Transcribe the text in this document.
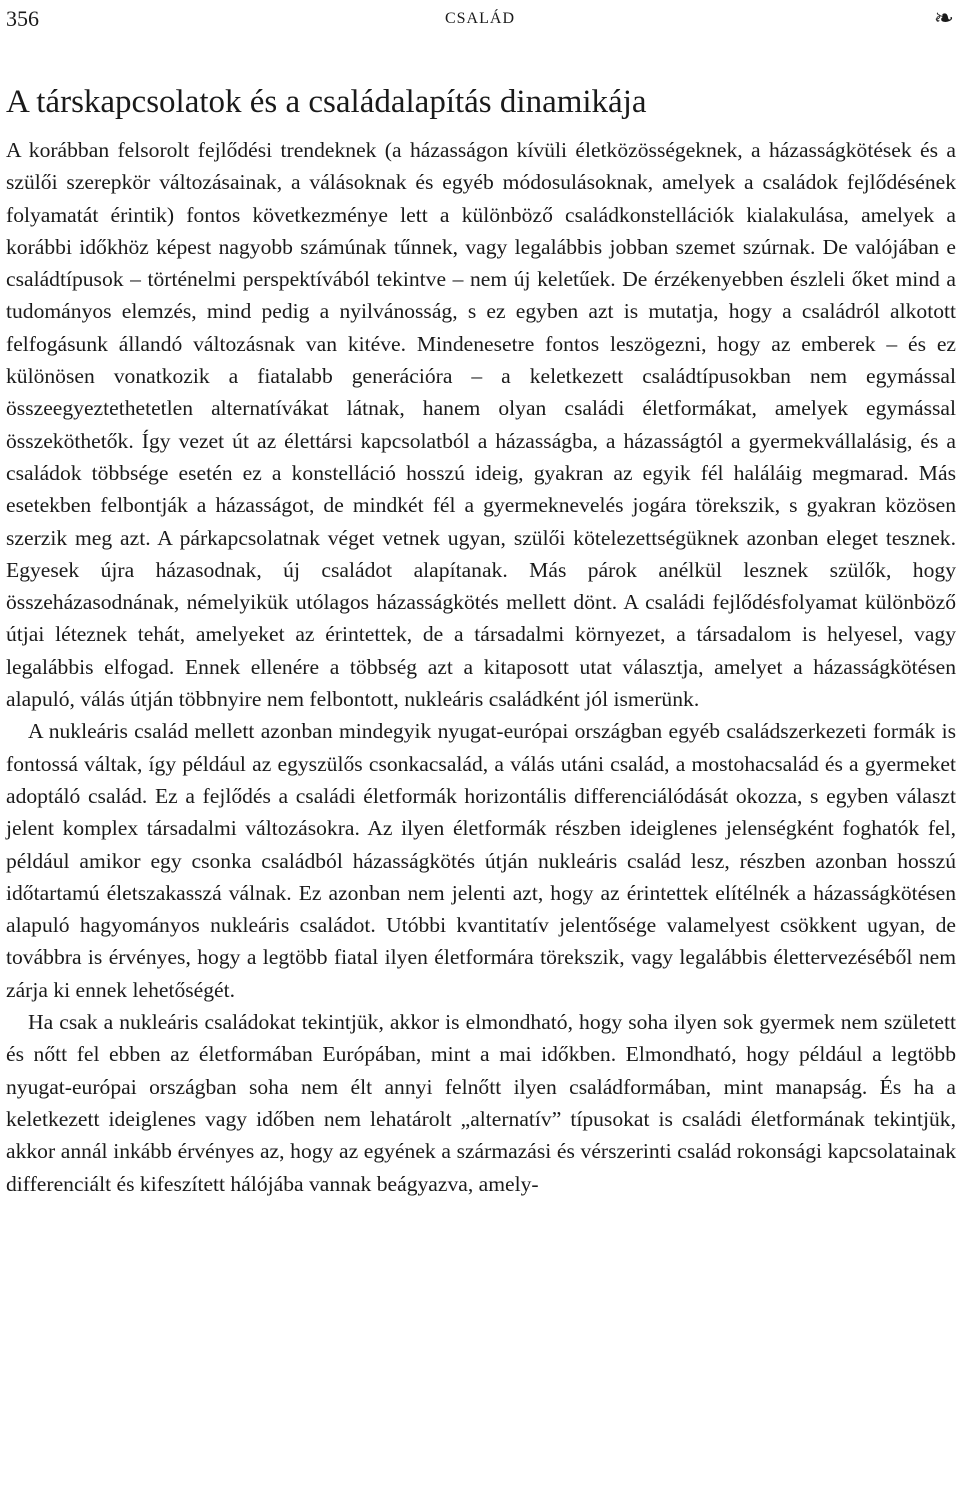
356	CSALÁD	❧
A társkapcsolatok és a családalapítás dinamikája

A korábban felsorolt fejlődési trendeknek (a házasságon kívüli életközösségeknek, a házasságkötések és a szülői szerepkör változásainak, a válásoknak és egyéb módosulásoknak, amelyek a családok fejlődésének folyamatát érintik) fontos következménye lett a különböző családkonstellációk kialakulása, amelyek a korábbi időkhöz képest nagyobb számúnak tűnnek, vagy legalábbis jobban szemet szúrnak. De valójában e családtípusok – történelmi perspektívából tekintve – nem új keletűek. De érzékenyebben észleli őket mind a tudományos elemzés, mind pedig a nyilvánosság, s ez egyben azt is mutatja, hogy a családról alkotott felfogásunk állandó változásnak van kitéve. Mindenesetre fontos leszögezni, hogy az emberek – és ez különösen vonatkozik a fiatalabb generációra – a keletkezett családtípusokban nem egymással összeegyeztethetetlen alternatívákat látnak, hanem olyan családi életformákat, amelyek egymással összeköthetők. Így vezet út az élettársi kapcsolatból a házasságba, a házasságtól a gyermekvállalásig, és a családok többsége esetén ez a konstelláció hosszú ideig, gyakran az egyik fél haláláig megmarad. Más esetekben felbontják a házasságot, de mindkét fél a gyermeknevelés jogára törekszik, s gyakran közösen szerzik meg azt. A párkapcsolatnak véget vetnek ugyan, szülői kötelezettségüknek azonban eleget tesznek. Egyesek újra házasodnak, új családot alapítanak. Más párok anélkül lesznek szülők, hogy összeházasodnának, némelyikük utólagos házasságkötés mellett dönt. A családi fejlődésfolyamat különböző útjai léteznek tehát, amelyeket az érintettek, de a társadalmi környezet, a társadalom is helyesel, vagy legalábbis elfogad. Ennek ellenére a többség azt a kitaposott utat választja, amelyet a házasságkötésen alapuló, válás útján többnyire nem felbontott, nukleáris családként jól ismerünk.

A nukleáris család mellett azonban mindegyik nyugat-európai országban egyéb családszerkezeti formák is fontossá váltak, így például az egyszülős csonkacsalád, a válás utáni család, a mostohacsalád és a gyermeket adoptáló család. Ez a fejlődés a családi életformák horizontális differenciálódását okozza, s egyben választ jelent komplex társadalmi változásokra. Az ilyen életformák részben ideiglenes jelenségként foghatók fel, például amikor egy csonka családból házasságkötés útján nukleáris család lesz, részben azonban hosszú időtartamú életszakasszá válnak. Ez azonban nem jelenti azt, hogy az érintettek elítélnék a házasságkötésen alapuló hagyományos nukleáris családot. Utóbbi kvantitatív jelentősége valamelyest csökkent ugyan, de továbbra is érvényes, hogy a legtöbb fiatal ilyen életformára törekszik, vagy legalábbis élettervezéséből nem zárja ki ennek lehetőségét.

Ha csak a nukleáris családokat tekintjük, akkor is elmondható, hogy soha ilyen sok gyermek nem született és nőtt fel ebben az életformában Európában, mint a mai időkben. Elmondható, hogy például a legtöbb nyugat-európai országban soha nem élt annyi felnőtt ilyen családformában, mint manapság. És ha a keletkezett ideiglenes vagy időben nem lehatárolt „alternatív” típusokat is családi életformának tekintjük, akkor annál inkább érvényes az, hogy az egyének a származási és vérszerinti család rokonsági kapcsolatainak differenciált és kifeszített hálójába vannak beágyazva, amely-
